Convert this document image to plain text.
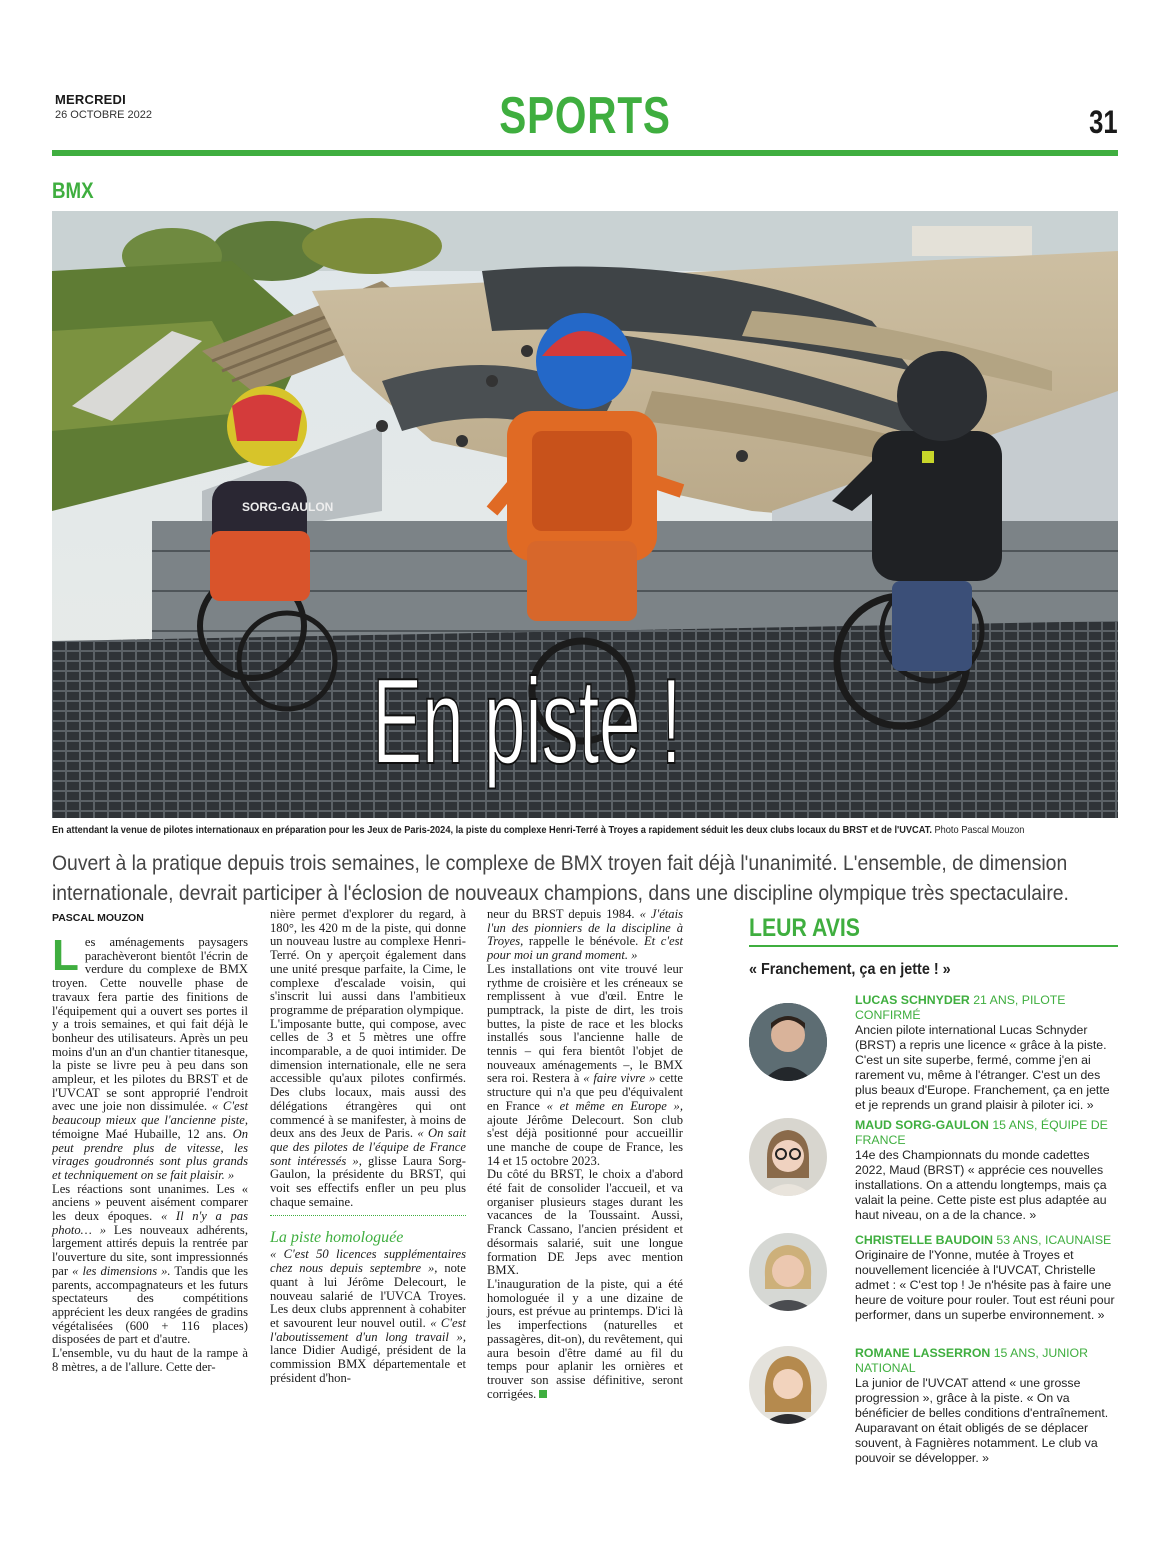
MERCREDI
26 OCTOBRE 2022	SPORTS	31
BMX
SORG-GAULON
En piste !
En attendant la venue de pilotes internationaux en préparation pour les Jeux de Paris-2024, la piste du complexe Henri-Terré à Troyes a rapidement séduit les deux clubs locaux du BRST et de l'UVCAT. Photo Pascal Mouzon
Ouvert à la pratique depuis trois semaines, le complexe de BMX troyen fait déjà l'unanimité. L'ensemble, de dimension internationale, devrait participer à l'éclosion de nouveaux champions, dans une discipline olympique très spectaculaire.
PASCAL MOUZON

Les aménagements paysagers parachèveront bientôt l'écrin de verdure du complexe de BMX troyen. Cette nouvelle phase de travaux fera partie des finitions de l'équipement qui a ouvert ses portes il y a trois semaines, et qui fait déjà le bonheur des utilisateurs. Après un peu moins d'un an d'un chantier titanesque, la piste se livre peu à peu dans son ampleur, et les pilotes du BRST et de l'UVCAT se sont approprié l'endroit avec une joie non dissimulée. « C'est beaucoup mieux que l'ancienne piste, témoigne Maé Hubaille, 12 ans. On peut prendre plus de vitesse, les virages goudronnés sont plus grands et techniquement on se fait plaisir. »

Les réactions sont unanimes. Les « anciens » peuvent aisément comparer les deux époques. « Il n'y a pas photo… » Les nouveaux adhérents, largement attirés depuis la rentrée par l'ouverture du site, sont impressionnés par « les dimensions ». Tandis que les parents, accompagnateurs et les futurs spectateurs des compétitions apprécient les deux rangées de gradins végétalisées (600 + 116 places) disposées de part et d'autre.

L'ensemble, vu du haut de la rampe à 8 mètres, a de l'allure. Cette der-

nière permet d'explorer du regard, à 180°, les 420 m de la piste, qui donne un nouveau lustre au complexe Henri-Terré. On y aperçoit également dans une unité presque parfaite, la Cime, le complexe d'escalade voisin, qui s'inscrit lui aussi dans l'ambitieux programme de préparation olympique.

L'imposante butte, qui compose, avec celles de 3 et 5 mètres une offre incomparable, a de quoi intimider. De dimension internationale, elle ne sera accessible qu'aux pilotes confirmés. Des clubs locaux, mais aussi des délégations étrangères qui ont commencé à se manifester, à moins de deux ans des Jeux de Paris. « On sait que des pilotes de l'équipe de France sont intéressés », glisse Laura Sorg-Gaulon, la présidente du BRST, qui voit ses effectifs enfler un peu plus chaque semaine.

La piste homologuée

« C'est 50 licences supplémentaires chez nous depuis septembre », note quant à lui Jérôme Delecourt, le nouveau salarié de l'UVCA Troyes. Les deux clubs apprennent à cohabiter et savourent leur nouvel outil. « C'est l'aboutissement d'un long travail », lance Didier Audigé, président de la commission BMX départementale et président d'hon-

neur du BRST depuis 1984. « J'étais l'un des pionniers de la discipline à Troyes, rappelle le bénévole. Et c'est pour moi un grand moment. »

Les installations ont vite trouvé leur rythme de croisière et les créneaux se remplissent à vue d'œil. Entre le pumptrack, la piste de dirt, les trois buttes, la piste de race et les blocks installés sous l'ancienne halle de tennis – qui fera bientôt l'objet de nouveaux aménagements –, le BMX sera roi. Restera à « faire vivre » cette structure qui n'a que peu d'équivalent en France « et même en Europe », ajoute Jérôme Delecourt. Son club s'est déjà positionné pour accueillir une manche de coupe de France, les 14 et 15 octobre 2023.

Du côté du BRST, le choix a d'abord été fait de consolider l'accueil, et va organiser plusieurs stages durant les vacances de la Toussaint. Aussi, Franck Cassano, l'ancien président et désormais salarié, suit une longue formation DE Jeps avec mention BMX.

L'inauguration de la piste, qui a été homologuée il y a une dizaine de jours, est prévue au printemps. D'ici là les imperfections (naturelles et passagères, dit-on), du revêtement, qui aura besoin d'être damé au fil du temps pour aplanir les ornières et trouver son assise définitive, seront corrigées.

LEUR AVIS
« Franchement, ça en jette ! »
LUCAS SCHNYDER 21 ANS, PILOTE CONFIRMÉ
Ancien pilote international Lucas Schnyder (BRST) a repris une licence « grâce à la piste. C'est un site superbe, fermé, comme j'en ai rarement vu, même à l'étranger. C'est un des plus beaux d'Europe. Franchement, ça en jette et je reprends un grand plaisir à piloter ici. »
MAUD SORG-GAULON 15 ANS, ÉQUIPE DE FRANCE
14e des Championnats du monde cadettes 2022, Maud (BRST) « apprécie ces nouvelles installations. On a attendu longtemps, mais ça valait la peine. Cette piste est plus adaptée au haut niveau, on a de la chance. »
CHRISTELLE BAUDOIN 53 ANS, ICAUNAISE
Originaire de l'Yonne, mutée à Troyes et nouvellement licenciée à l'UVCAT, Christelle admet : « C'est top ! Je n'hésite pas à faire une heure de voiture pour rouler. Tout est réuni pour performer, dans un superbe environnement. »
ROMANE LASSERRON 15 ANS, JUNIOR NATIONAL
La junior de l'UVCAT attend « une grosse progression », grâce à la piste. « On va bénéficier de belles conditions d'entraînement. Auparavant on était obligés de se déplacer souvent, à Fagnières notamment. Le club va pouvoir se développer. »
